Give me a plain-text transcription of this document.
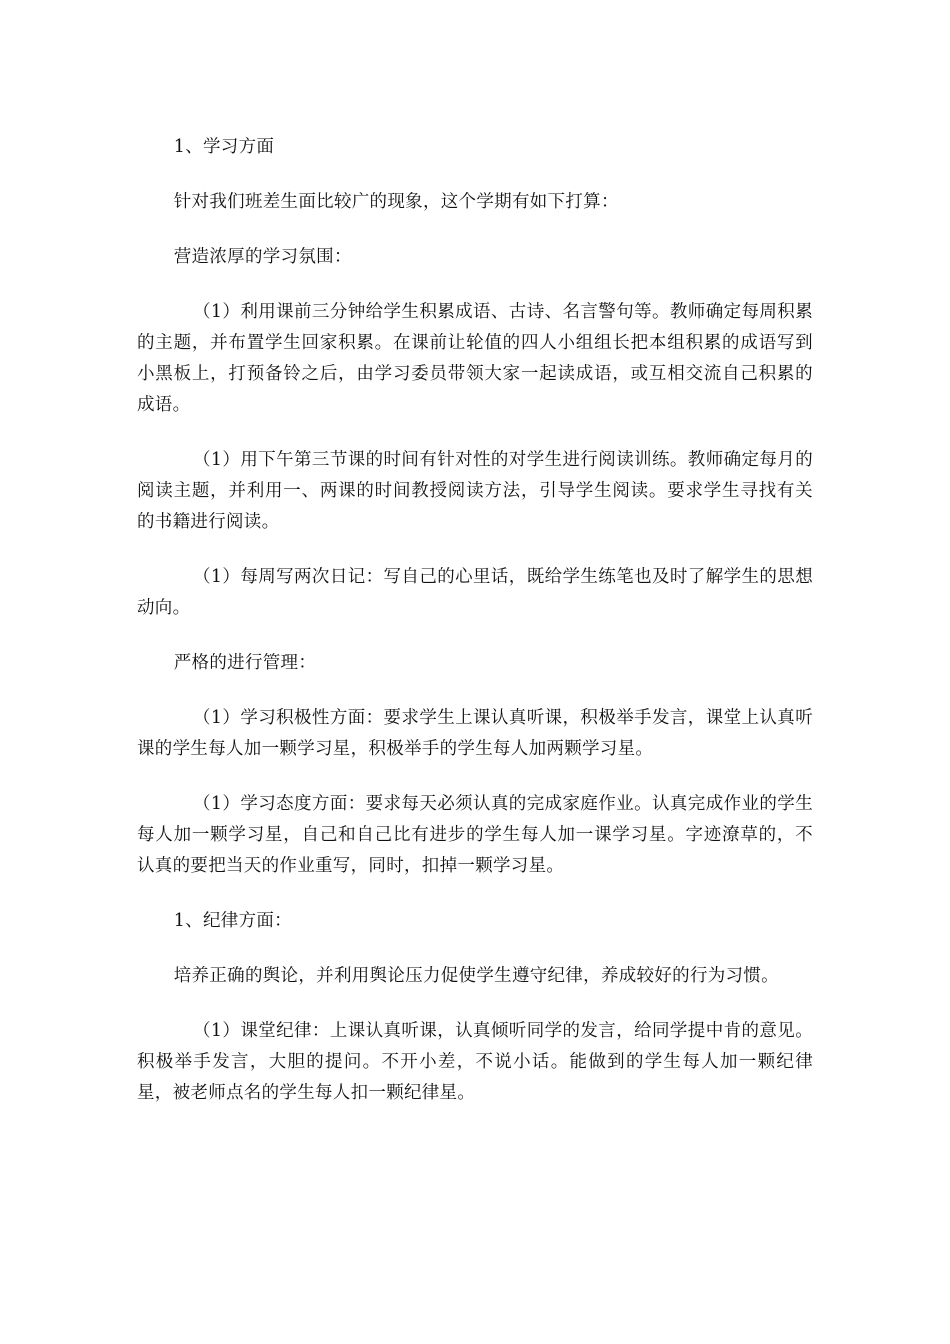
1、学习方面

针对我们班差生面比较广的现象，这个学期有如下打算：

营造浓厚的学习氛围：

（1）利用课前三分钟给学生积累成语、古诗、名言警句等。教师确定每周积累的主题，并布置学生回家积累。在课前让轮值的四人小组组长把本组积累的成语写到小黑板上，打预备铃之后，由学习委员带领大家一起读成语，或互相交流自己积累的成语。

（1）用下午第三节课的时间有针对性的对学生进行阅读训练。教师确定每月的阅读主题，并利用一、两课的时间教授阅读方法，引导学生阅读。要求学生寻找有关的书籍进行阅读。

（1）每周写两次日记：写自己的心里话，既给学生练笔也及时了解学生的思想动向。

严格的进行管理：

（1）学习积极性方面：要求学生上课认真听课，积极举手发言，课堂上认真听课的学生每人加一颗学习星，积极举手的学生每人加两颗学习星。

（1）学习态度方面：要求每天必须认真的完成家庭作业。认真完成作业的学生每人加一颗学习星，自己和自己比有进步的学生每人加一课学习星。字迹潦草的，不认真的要把当天的作业重写，同时，扣掉一颗学习星。

1、纪律方面：

培养正确的舆论，并利用舆论压力促使学生遵守纪律，养成较好的行为习惯。

（1）课堂纪律：上课认真听课，认真倾听同学的发言，给同学提中肯的意见。积极举手发言，大胆的提问。不开小差，不说小话。能做到的学生每人加一颗纪律星，被老师点名的学生每人扣一颗纪律星。
